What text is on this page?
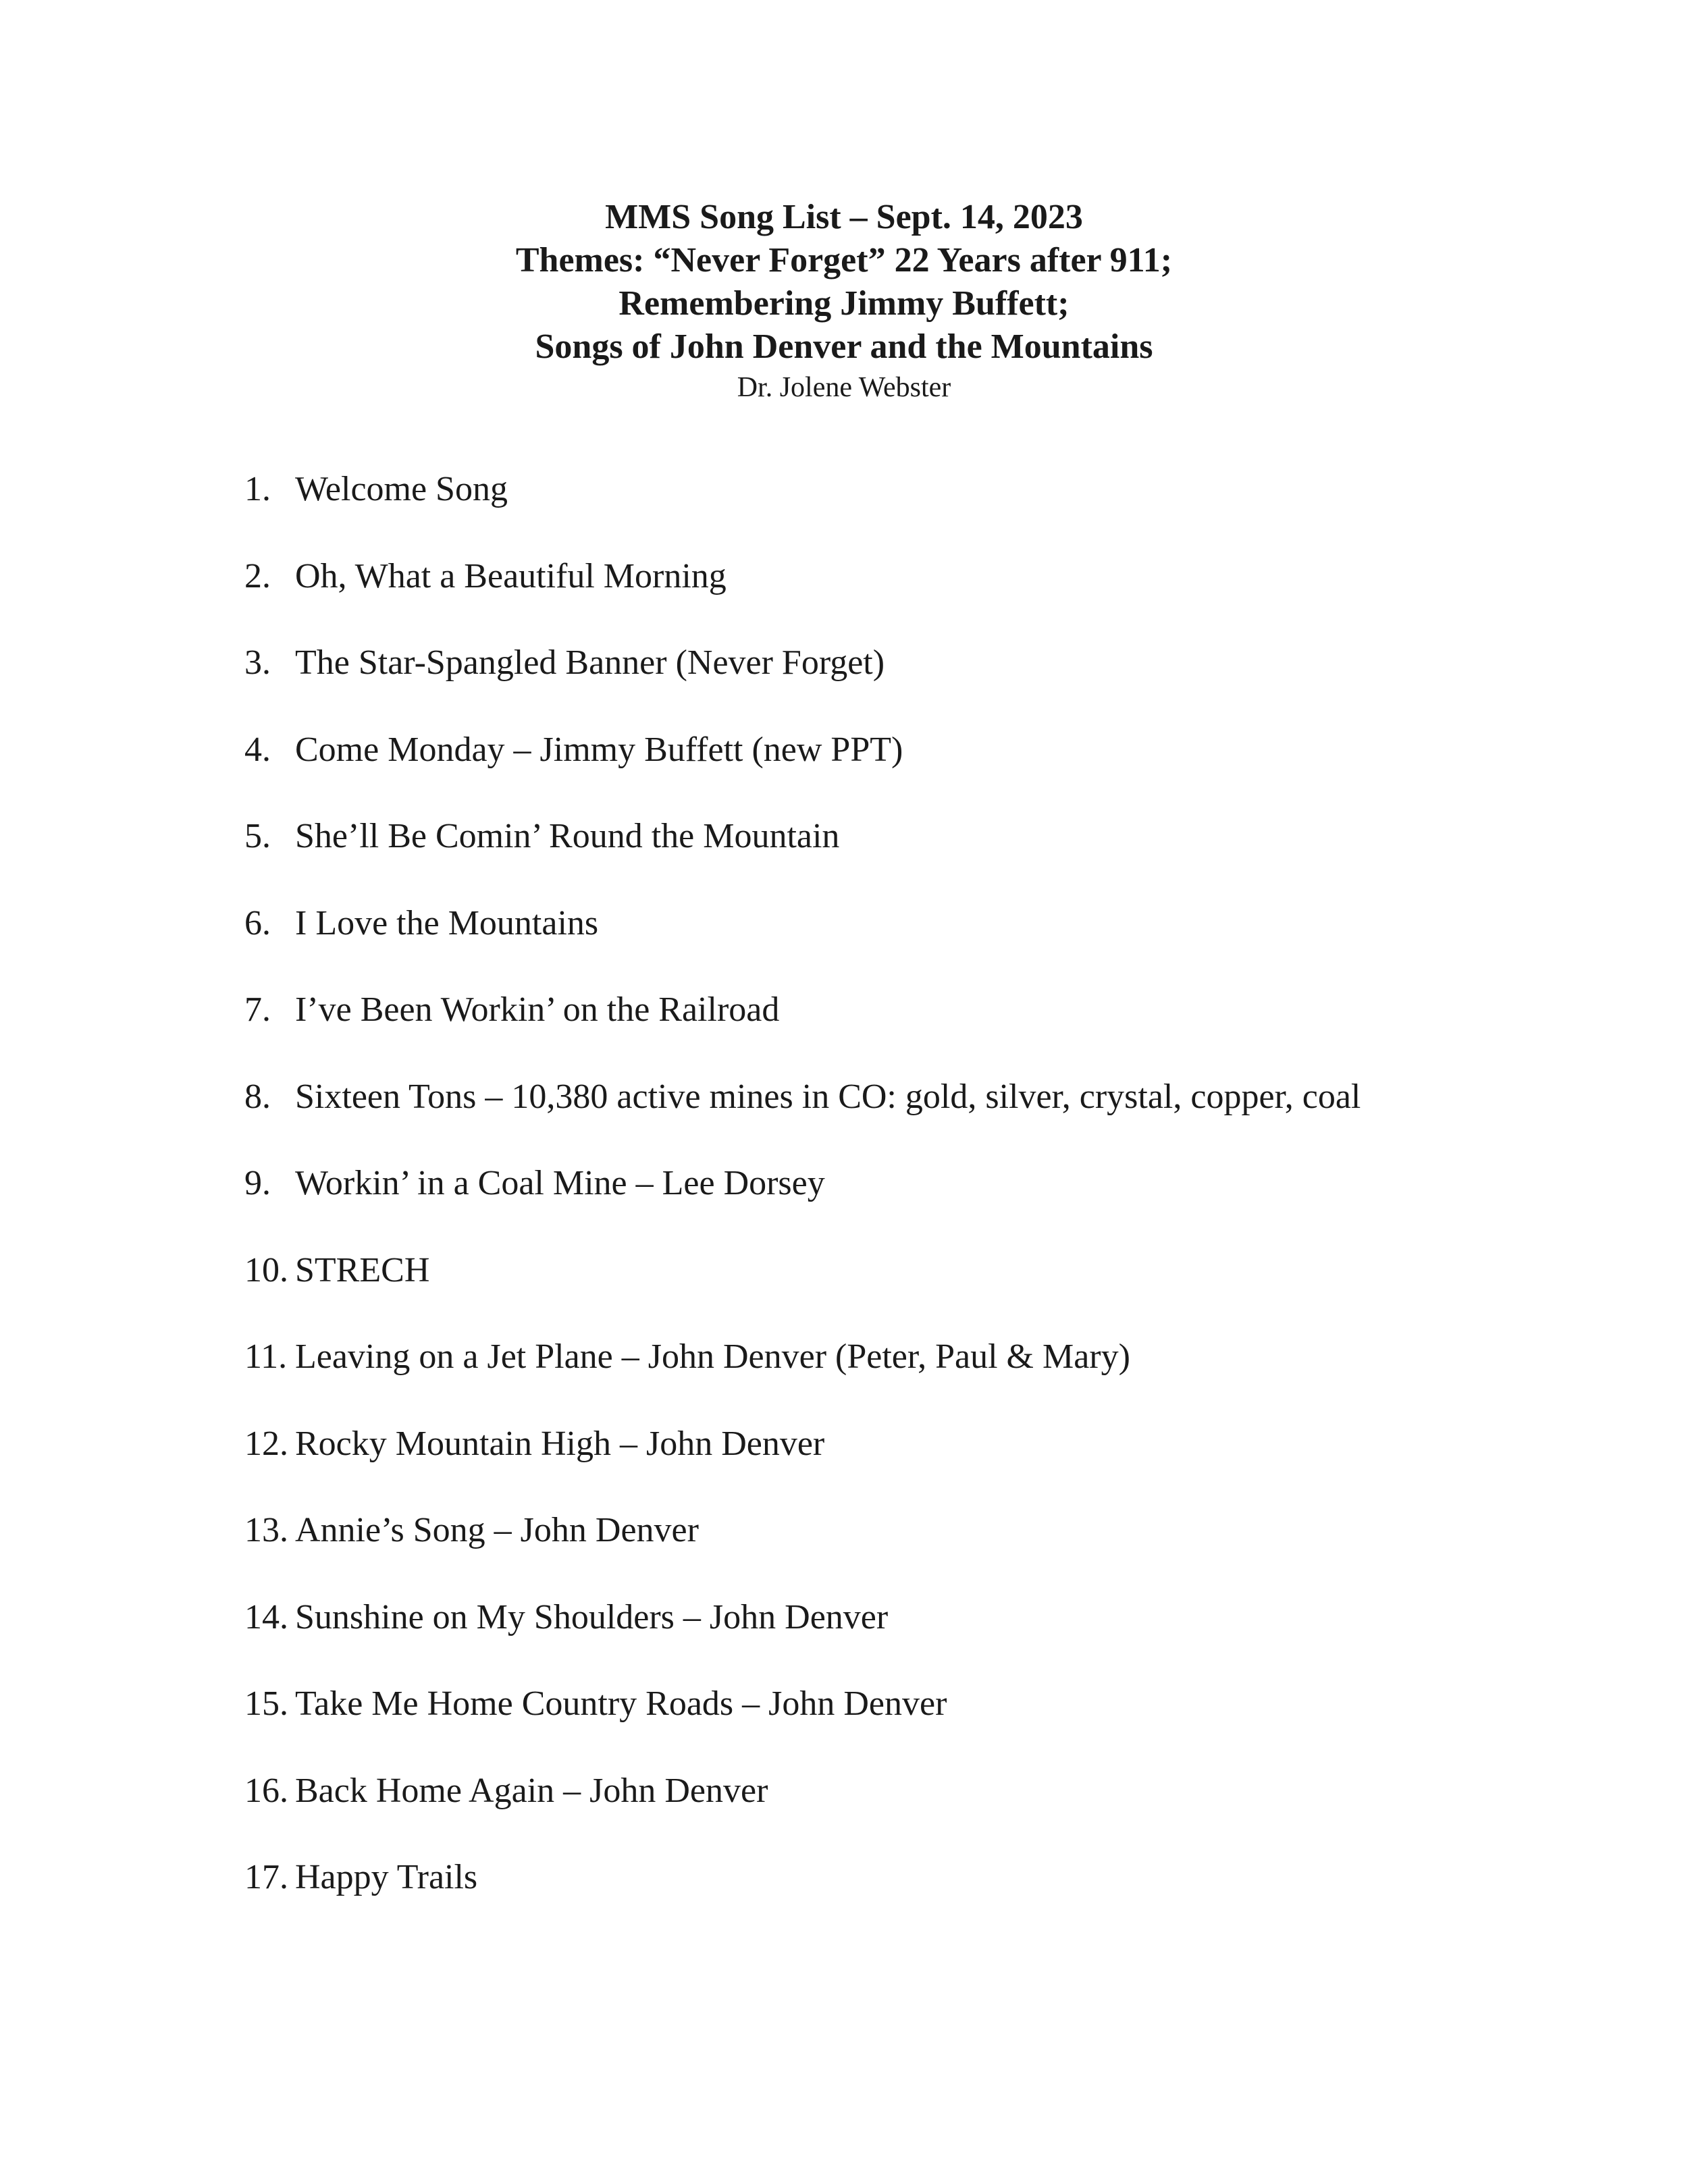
MMS Song List – Sept. 14, 2023

Themes: “Never Forget” 22 Years after 911;

Remembering Jimmy Buffett;

Songs of John Denver and the Mountains

Dr. Jolene Webster

1. Welcome Song
2. Oh, What a Beautiful Morning
3. The Star-Spangled Banner (Never Forget)
4. Come Monday – Jimmy Buffett (new PPT)
5. She’ll Be Comin’ Round the Mountain
6. I Love the Mountains
7. I’ve Been Workin’ on the Railroad
8. Sixteen Tons – 10,380 active mines in CO: gold, silver, crystal, copper, coal
9. Workin’ in a Coal Mine – Lee Dorsey
10. STRECH
11. Leaving on a Jet Plane – John Denver (Peter, Paul & Mary)
12. Rocky Mountain High – John Denver
13. Annie’s Song – John Denver
14. Sunshine on My Shoulders – John Denver
15. Take Me Home Country Roads – John Denver
16. Back Home Again – John Denver
17. Happy Trails
